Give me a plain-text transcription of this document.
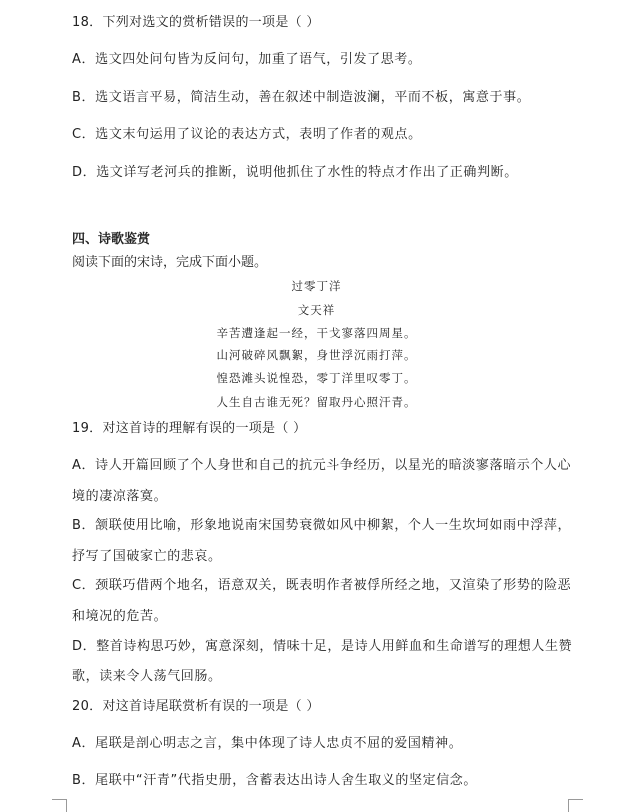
18．下列对选文的赏析错误的一项是（ ）
A．选文四处问句皆为反问句，加重了语气，引发了思考。
B．选文语言平易，简洁生动，善在叙述中制造波澜，平而不板，寓意于事。
C．选文末句运用了议论的表达方式，表明了作者的观点。
D．选文详写老河兵的推断，说明他抓住了水性的特点才作出了正确判断。
四、诗歌鉴赏
阅读下面的宋诗，完成下面小题。
过零丁洋
文天祥
辛苦遭逢起一经，干戈寥落四周星。
山河破碎风飘絮，身世浮沉雨打萍。
惶恐滩头说惶恐，零丁洋里叹零丁。
人生自古谁无死？留取丹心照汗青。
19．对这首诗的理解有误的一项是（ ）
A．诗人开篇回顾了个人身世和自己的抗元斗争经历，以星光的暗淡寥落暗示个人心
境的凄凉落寞。
B．颔联使用比喻，形象地说南宋国势衰微如风中柳絮，个人一生坎坷如雨中浮萍，
抒写了国破家亡的悲哀。
C．颈联巧借两个地名，语意双关，既表明作者被俘所经之地，又渲染了形势的险恶
和境况的危苦。
D．整首诗构思巧妙，寓意深刻，情味十足，是诗人用鲜血和生命谱写的理想人生赞
歌，读来令人荡气回肠。
20．对这首诗尾联赏析有误的一项是（ ）
A．尾联是剖心明志之言，集中体现了诗人忠贞不屈的爱国精神。
B．尾联中“汗青”代指史册，含蓄表达出诗人舍生取义的坚定信念。
